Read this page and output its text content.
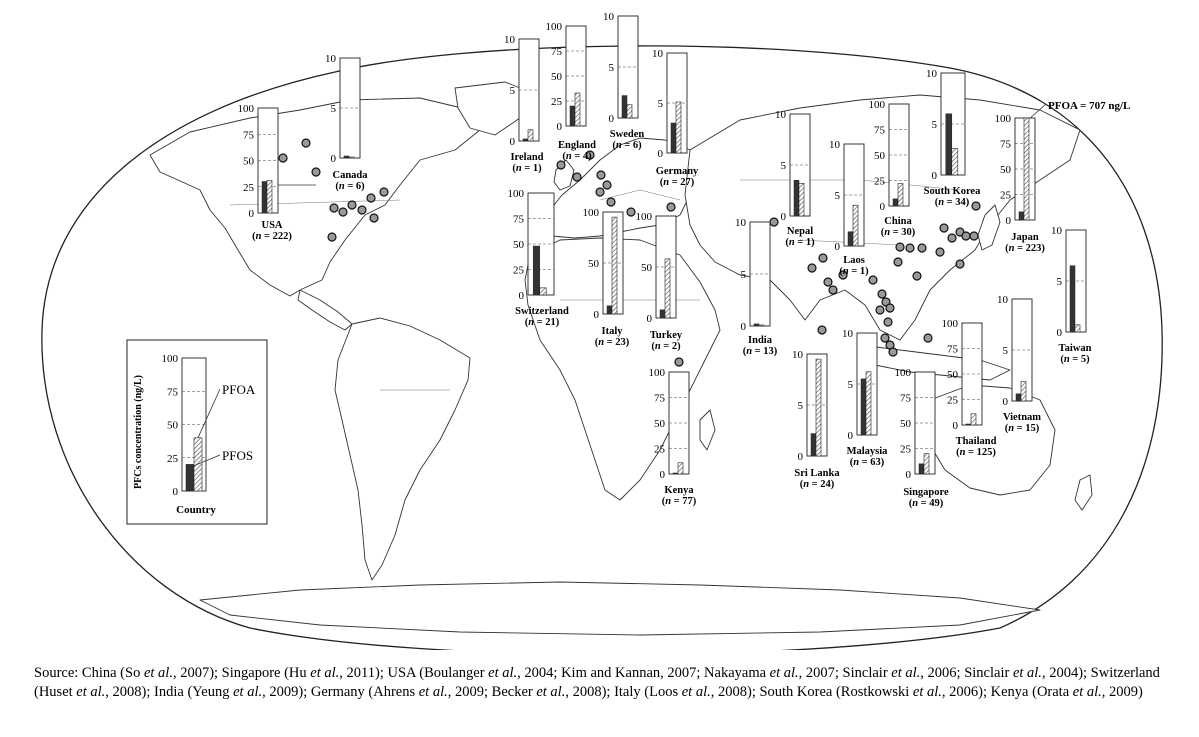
0
25
50
75
100
USA
(n = 222)
0
5
10
Canada
(n = 6)
0
5
10
Ireland
(n = 1)
0
25
50
75
100
England
(n = 4)
0
5
10
Sweden
(n = 6)
0
5
10
Germany
(n = 27)
0
25
50
75
100
Switzerland
(n = 21)
0
50
100
Italy
(n = 23)
0
50
100
Turkey
(n = 2)
0
5
10
India
(n = 13)
0
25
50
75
100
Kenya
(n = 77)
0
5
10
Nepal
(n = 1) 0
5
10
Laos
(n = 1)
0
25
50
75
100
China
(n = 30)
0
5
10
South Korea
(n = 34)
0
25
50
75
100
Japan
(n = 223)
0
5
10
Taiwan
(n = 5)
0
5
10
Sri Lanka
(n = 24)
0
5
10
Malaysia
(n = 63)
0
25
50
75
100
Singapore
(n = 49)
0
25
50
75
100
Thailand
(n = 125)
0
5
10
Vietnam
(n = 15)
PFCs concentration (ng/L)
Country
PFOA
PFOS
0
25
50
75
100
PFOA = 707 ng/L
Source: China (So et al., 2007); Singapore (Hu et al., 2011); USA (Boulanger et al., 2004; Kim and Kannan, 2007; Nakayama et al., 2007; Sinclair et al., 2006; Sinclair et al., 2004); Switzerland (Huset et al., 2008); India (Yeung et al., 2009); Germany (Ahrens et al., 2009; Becker et al., 2008); Italy (Loos et al., 2008); South Korea (Rostkowski et al., 2006); Kenya (Orata et al., 2009)
